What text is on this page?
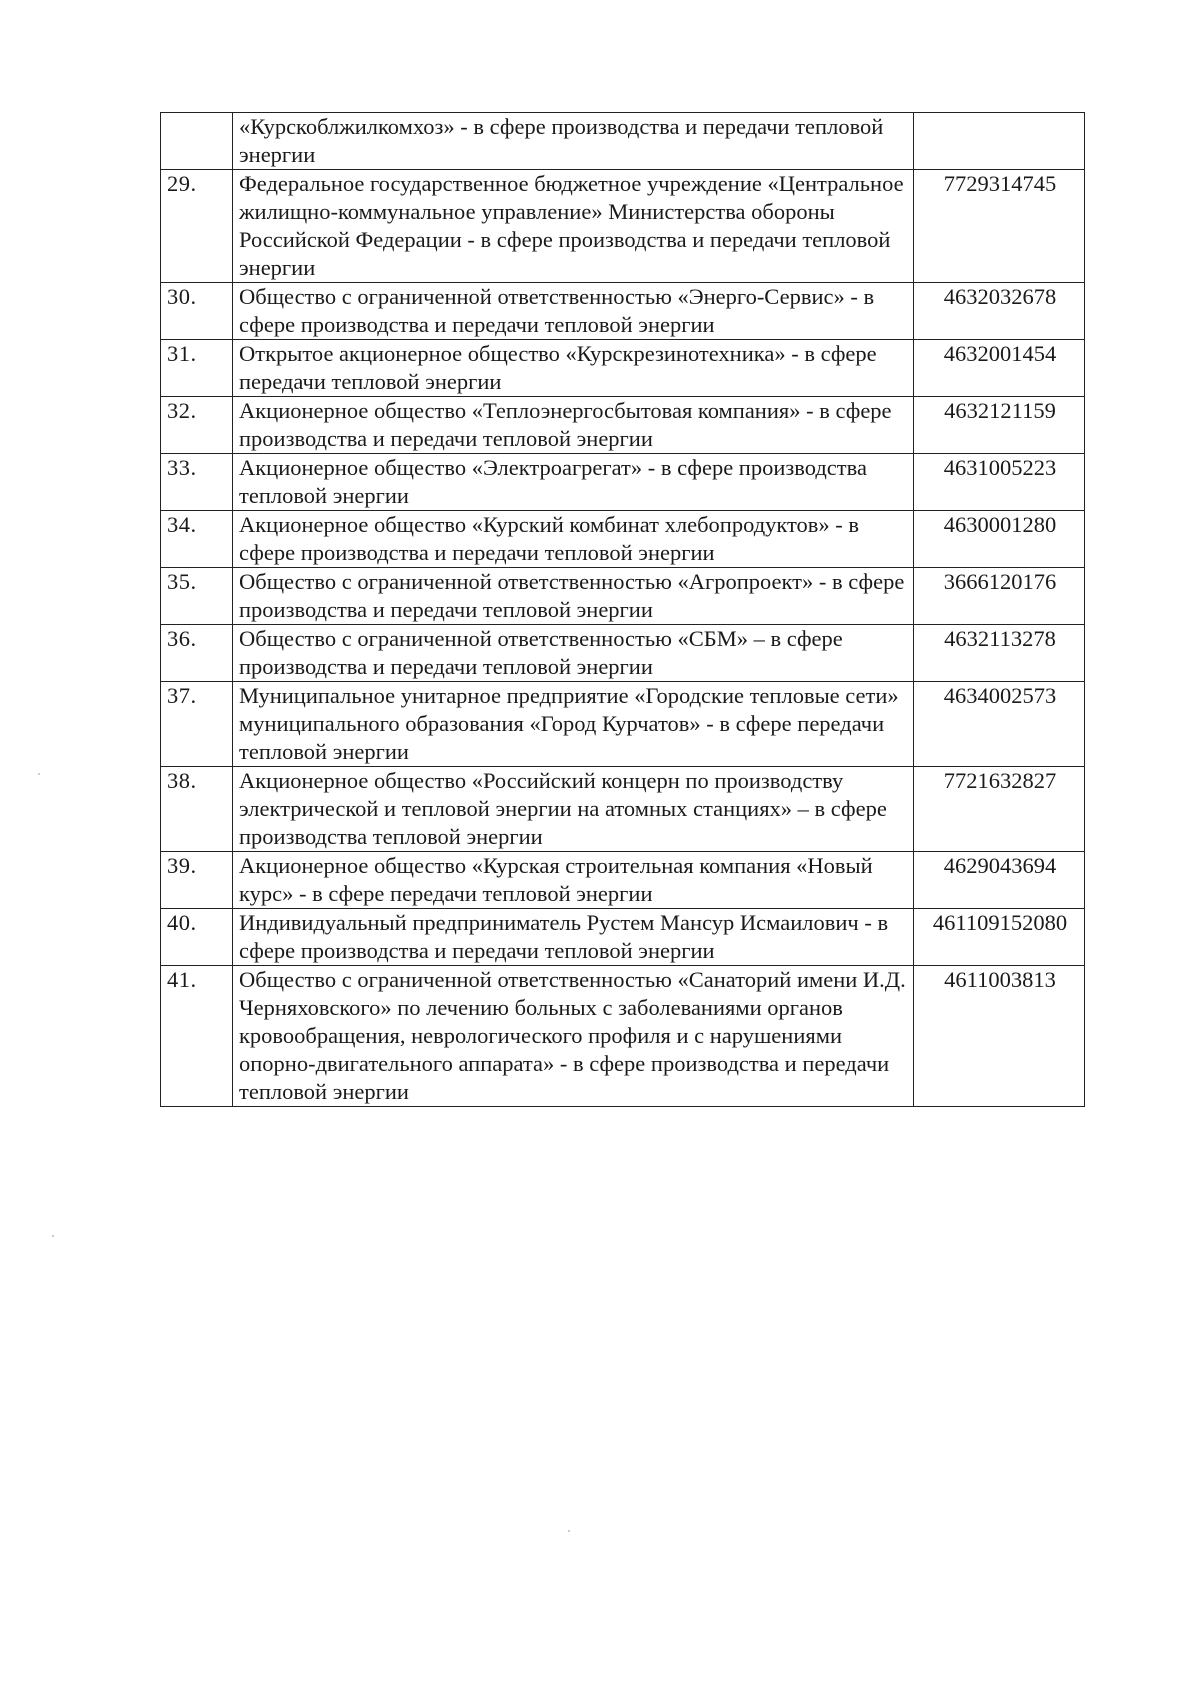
	«Курскоблжилкомхоз» - в сфере производства и передачи тепловой энергии	
29.	Федеральное государственное бюджетное учреждение «Центральное жилищно-коммунальное управление» Министерства обороны Российской Федерации - в сфере производства и передачи тепловой энергии	7729314745
30.	Общество с ограниченной ответственностью «Энерго-Сервис» - в сфере производства и передачи тепловой энергии	4632032678
31.	Открытое акционерное общество «Курскрезинотехника» - в сфере передачи тепловой энергии	4632001454
32.	Акционерное общество «Теплоэнергосбытовая компания» - в сфере производства и передачи тепловой энергии	4632121159
33.	Акционерное общество «Электроагрегат» - в сфере производства тепловой энергии	4631005223
34.	Акционерное общество «Курский комбинат хлебопродуктов» - в сфере производства и передачи тепловой энергии	4630001280
35.	Общество с ограниченной ответственностью «Агропроект» - в сфере производства и передачи тепловой энергии	3666120176
36.	Общество с ограниченной ответственностью «СБМ» – в сфере производства и передачи тепловой энергии	4632113278
37.	Муниципальное унитарное предприятие «Городские тепловые сети» муниципального образования «Город Курчатов» - в сфере передачи тепловой энергии	4634002573
38.	Акционерное общество «Российский концерн по производству электрической и тепловой энергии на атомных станциях» – в сфере производства тепловой энергии	7721632827
39.	Акционерное общество «Курская строительная компания «Новый курс» - в сфере передачи тепловой энергии	4629043694
40.	Индивидуальный предприниматель Рустем Мансур Исмаилович - в сфере производства и передачи тепловой энергии	461109152080
41.	Общество с ограниченной ответственностью «Санаторий имени И.Д. Черняховского» по лечению больных с заболеваниями органов кровообращения, неврологического профиля и с нарушениями опорно-двигательного аппарата» - в сфере производства и передачи тепловой энергии	4611003813
